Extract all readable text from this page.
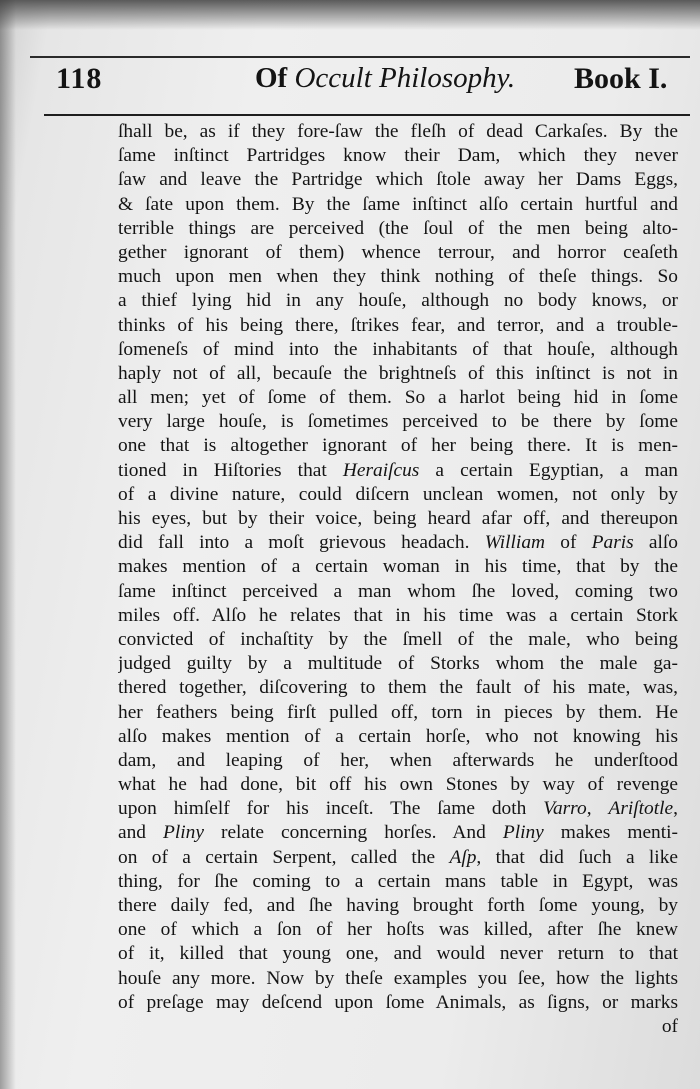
118	Of Occult Philosophy. Book I.
ſhall be, as if they fore-ſaw the fleſh of dead Carkaſes. By the
ſame inſtinct Partridges know their Dam, which they never
ſaw and leave the Partridge which ſtole away her Dams Eggs,
& ſate upon them. By the ſame inſtinct alſo certain hurtful and
terrible things are perceived (the ſoul of the men being alto-
gether ignorant of them) whence terrour, and horror ceaſeth
much upon men when they think nothing of theſe things. So
a thief lying hid in any houſe, although no body knows, or
thinks of his being there, ſtrikes fear, and terror, and a trouble-
ſomeneſs of mind into the inhabitants of that houſe, although
haply not of all, becauſe the brightneſs of this inſtinct is not in
all men; yet of ſome of them. So a harlot being hid in ſome
very large houſe, is ſometimes perceived to be there by ſome
one that is altogether ignorant of her being there. It is men-
tioned in Hiſtories that Heraiſcus a certain Egyptian, a man
of a divine nature, could diſcern unclean women, not only by
his eyes, but by their voice, being heard afar off, and thereupon
did fall into a moſt grievous headach. William of Paris alſo
makes mention of a certain woman in his time, that by the
ſame inſtinct perceived a man whom ſhe loved, coming two
miles off. Alſo he relates that in his time was a certain Stork
convicted of inchaſtity by the ſmell of the male, who being
judged guilty by a multitude of Storks whom the male ga-
thered together, diſcovering to them the fault of his mate, was,
her feathers being firſt pulled off, torn in pieces by them. He
alſo makes mention of a certain horſe, who not knowing his
dam, and leaping of her, when afterwards he underſtood
what he had done, bit off his own Stones by way of revenge
upon himſelf for his inceſt. The ſame doth Varro, Ariſtotle,
and Pliny relate concerning horſes. And Pliny makes menti-
on of a certain Serpent, called the Aſp, that did ſuch a like
thing, for ſhe coming to a certain mans table in Egypt, was
there daily fed, and ſhe having brought forth ſome young, by
one of which a ſon of her hoſts was killed, after ſhe knew
of it, killed that young one, and would never return to that
houſe any more. Now by theſe examples you ſee, how the lights
of preſage may deſcend upon ſome Animals, as ſigns, or marks
of
